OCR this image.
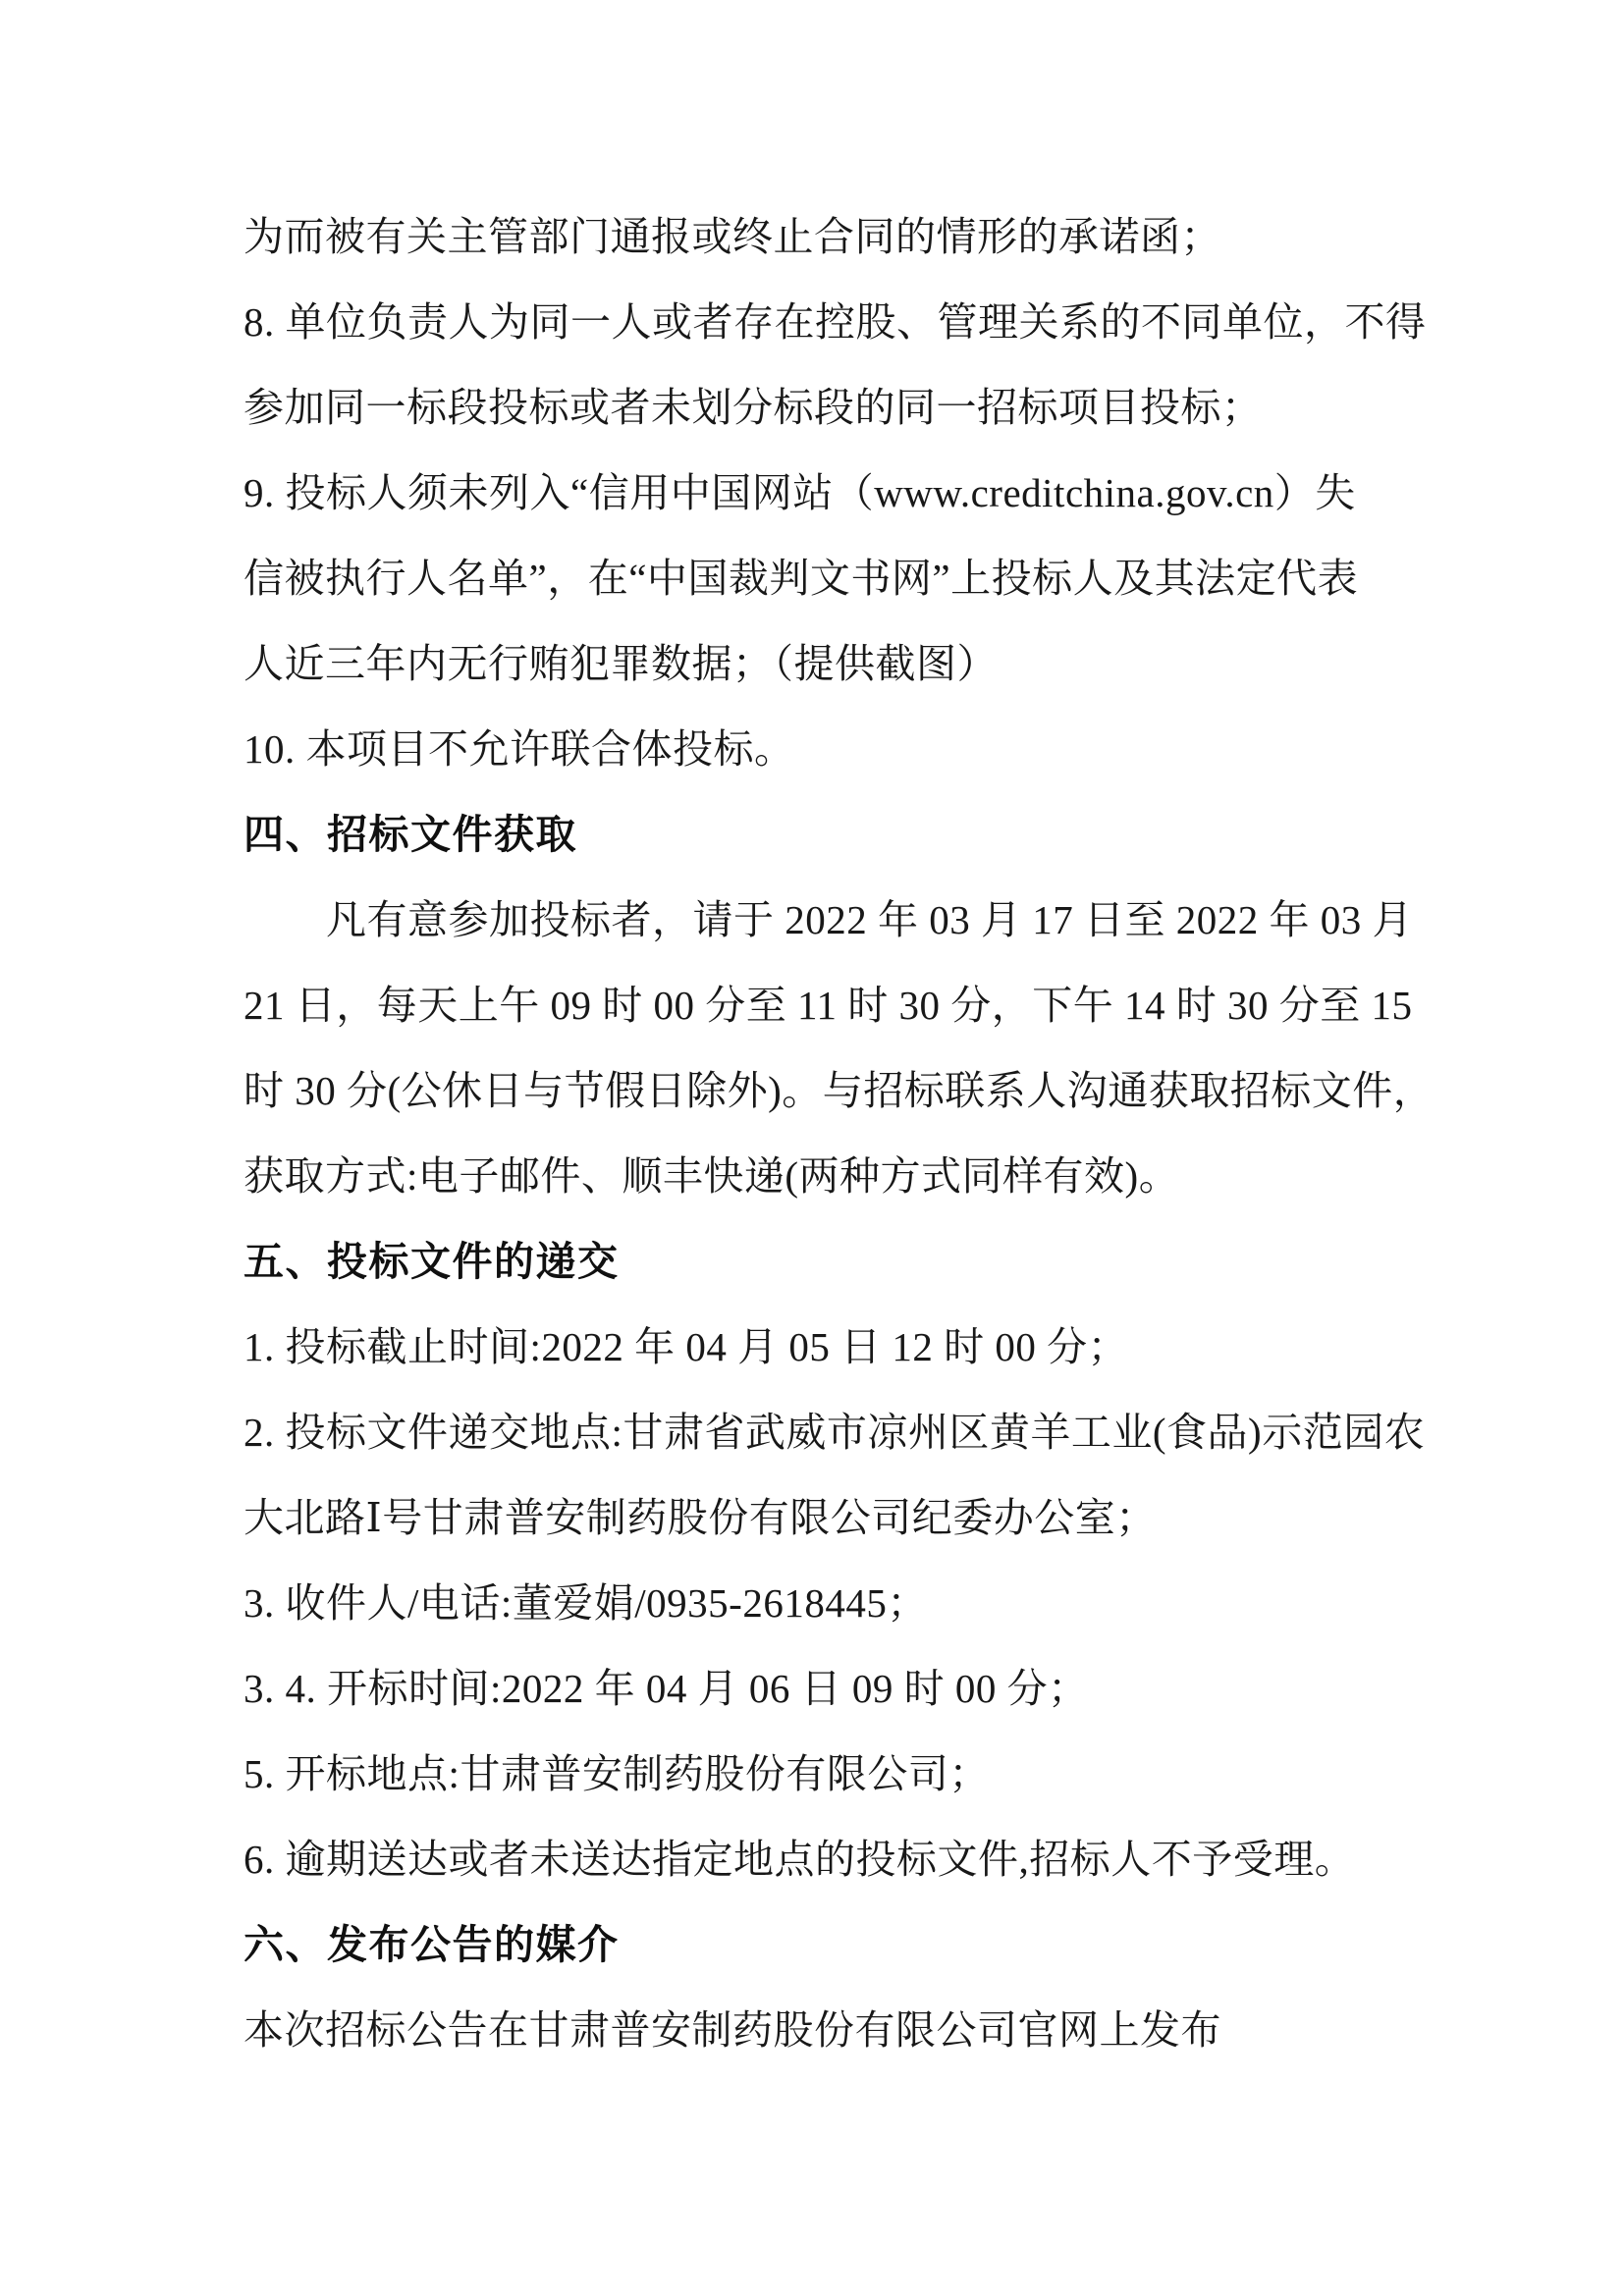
为而被有关主管部门通报或终止合同的情形的承诺函；
8. 单位负责人为同一人或者存在控股、管理关系的不同单位，不得
参加同一标段投标或者未划分标段的同一招标项目投标；
9. 投标人须未列入“信用中国网站（www.creditchina.gov.cn）失
信被执行人名单”，在“中国裁判文书网”上投标人及其法定代表
人近三年内无行贿犯罪数据；（提供截图）
10. 本项目不允许联合体投标。
四、招标文件获取
凡有意参加投标者，请于 2022 年 03 月 17 日至 2022 年 03 月
21 日，每天上午 09 时 00 分至 11 时 30 分，下午 14 时 30 分至 15
时 30 分(公休日与节假日除外)。与招标联系人沟通获取招标文件，
获取方式:电子邮件、顺丰快递(两种方式同样有效)。
五、投标文件的递交
1. 投标截止时间:2022 年 04 月 05 日 12 时 00 分；
2. 投标文件递交地点:甘肃省武威市凉州区黄羊工业(食品)示范园农
大北路Ⅰ号甘肃普安制药股份有限公司纪委办公室；
3. 收件人/电话:董爱娟/0935-2618445；
3. 4. 开标时间:2022 年 04 月 06 日 09 时 00 分；
5. 开标地点:甘肃普安制药股份有限公司；
6. 逾期送达或者未送达指定地点的投标文件,招标人不予受理。
六、发布公告的媒介
本次招标公告在甘肃普安制药股份有限公司官网上发布
